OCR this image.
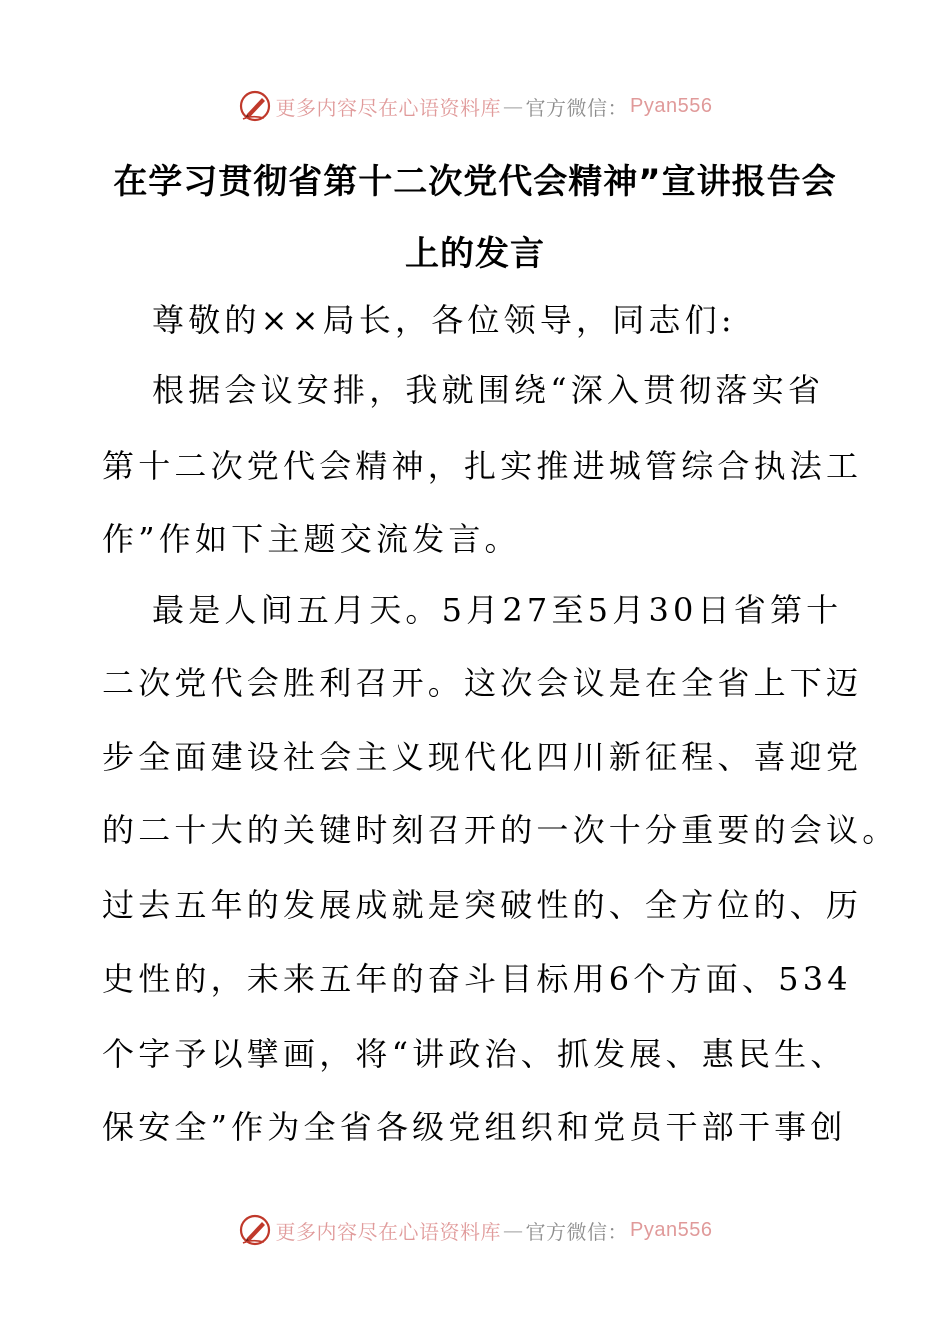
更多内容尽在心语资料库 — 官方微信： Pyan556
在学习贯彻省第十二次党代会精神”宣讲报告会
上的发言
尊敬的××局长，各位领导，同志们:
根据会议安排，我就围绕“深入贯彻落实省
第十二次党代会精神，扎实推进城管综合执法工
作”作如下主题交流发言。
最是人间五月天。5月27至5月30日省第十
二次党代会胜利召开。这次会议是在全省上下迈
步全面建设社会主义现代化四川新征程、喜迎党
的二十大的关键时刻召开的一次十分重要的会议。
过去五年的发展成就是突破性的、全方位的、历
史性的，未来五年的奋斗目标用6个方面、534
个字予以擘画，将“讲政治、抓发展、惠民生、
保安全”作为全省各级党组织和党员干部干事创
更多内容尽在心语资料库 — 官方微信： Pyan556
